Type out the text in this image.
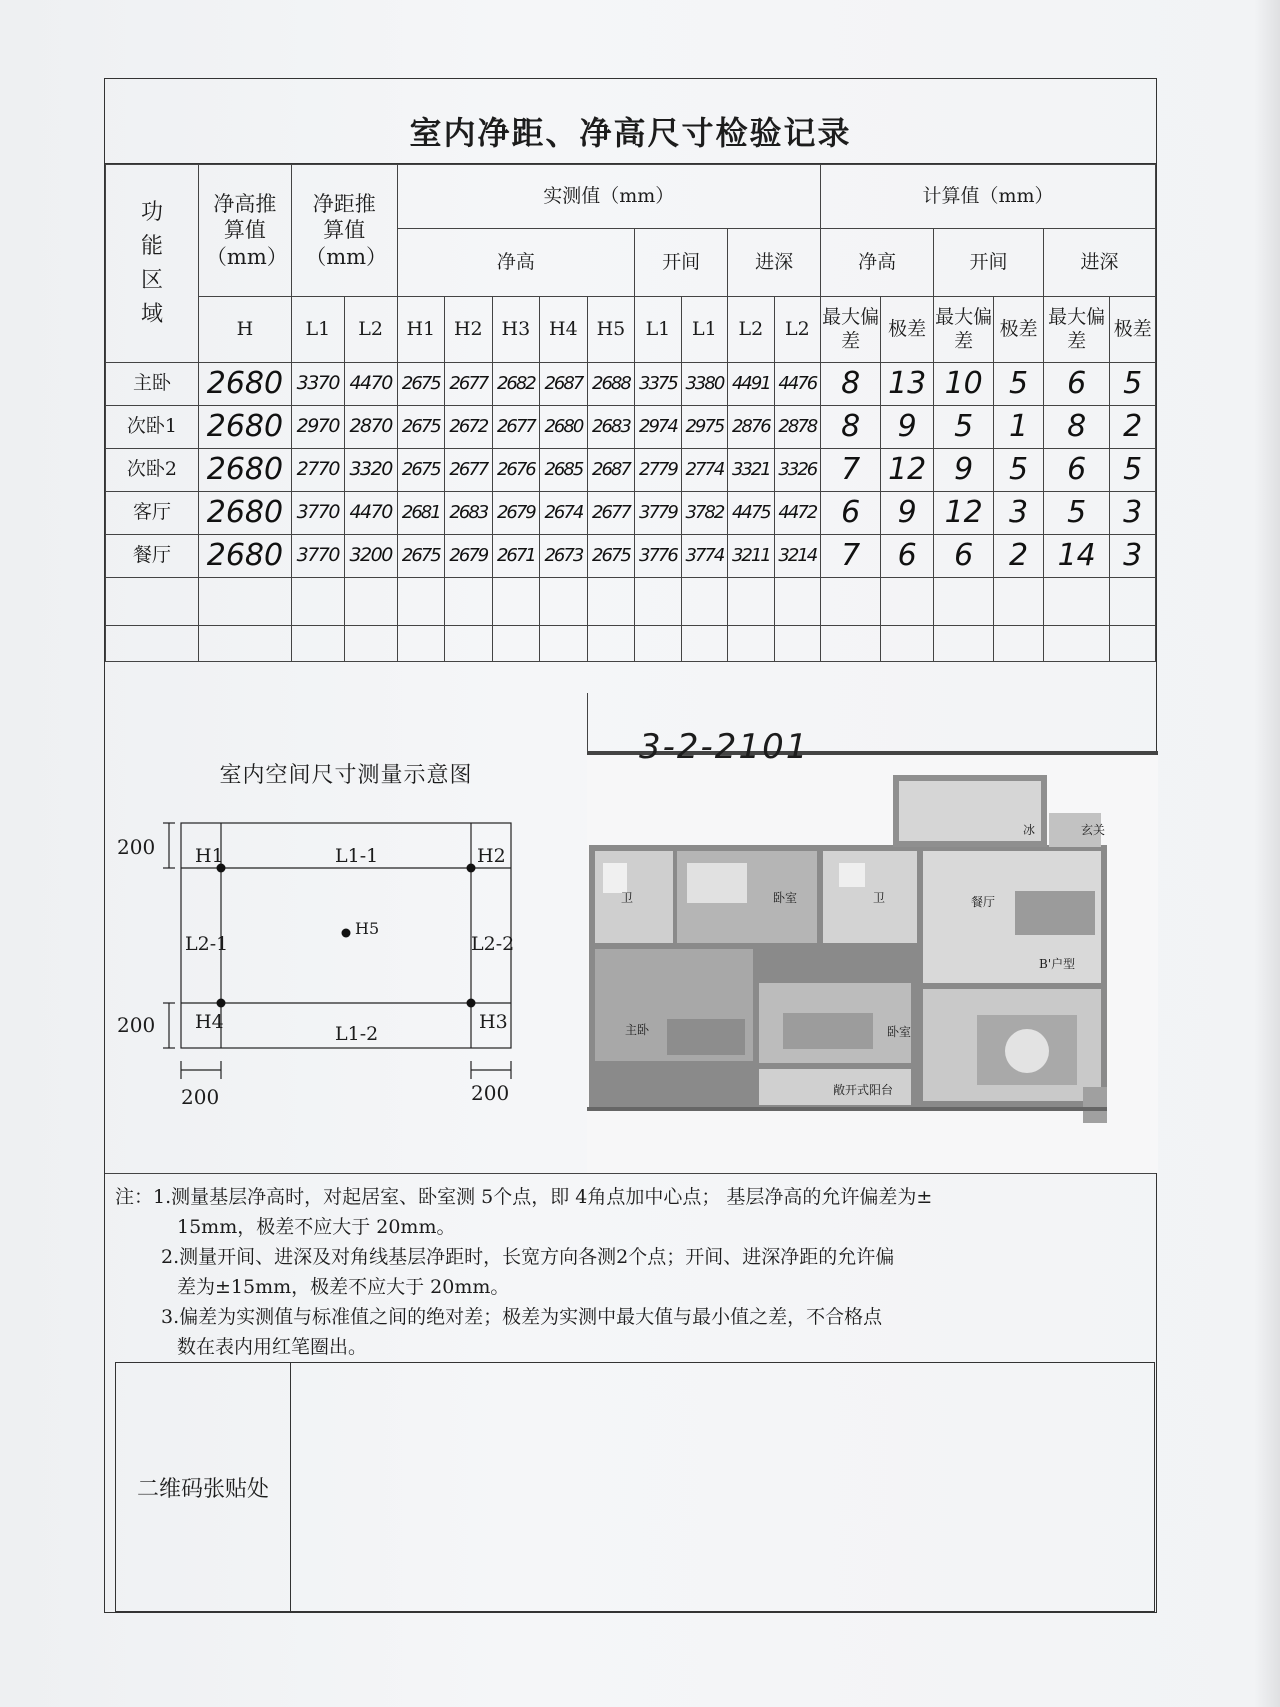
室内净距、净高尺寸检验记录
功能区域	净高推算值（mm）	净距推算值（mm）		实测值（mm）									计算值（mm）					
				净高					开间		进深		净高		开间		进深	
	H	L1	L2	H1	H2	H3	H4	H5	L1	L1	L2	L2	最大偏差	极差	最大偏差	极差	最大偏差	极差
主卧	2680	3370	4470	2675	2677	2682	2687	2688	3375	3380	4491	4476	8	13	10	5	6	5
次卧1	2680	2970	2870	2675	2672	2677	2680	2683	2974	2975	2876	2878	8	9	5	1	8	2
次卧2	2680	2770	3320	2675	2677	2676	2685	2687	2779	2774	3321	3326	7	12	9	5	6	5
客厅	2680	3770	4470	2681	2683	2679	2674	2677	3779	3782	4475	4472	6	9	12	3	5	3
餐厅	2680	3770	3200	2675	2679	2671	2673	2675	3776	3774	3211	3214	7	6	6	2	14	3

室内空间尺寸测量示意图
200
200
200	200
H1	H2
H3
H4
H5
L1-1
L1-2
L2-1	L2-2
3-2-2101
卫	卧室	卫	餐厅
冰	玄关
B'户型
主卧	卧室
敞开式阳台

注：1.测量基层净高时，对起居室、卧室测 5个点，即 4角点加中心点； 基层净高的允许偏差为±

15mm，极差不应大于 20mm。

2.测量开间、进深及对角线基层净距时，长宽方向各测2个点；开间、进深净距的允许偏

差为±15mm，极差不应大于 20mm。

3.偏差为实测值与标准值之间的绝对差；极差为实测中最大值与最小值之差，不合格点

数在表内用红笔圈出。

二维码张贴处
